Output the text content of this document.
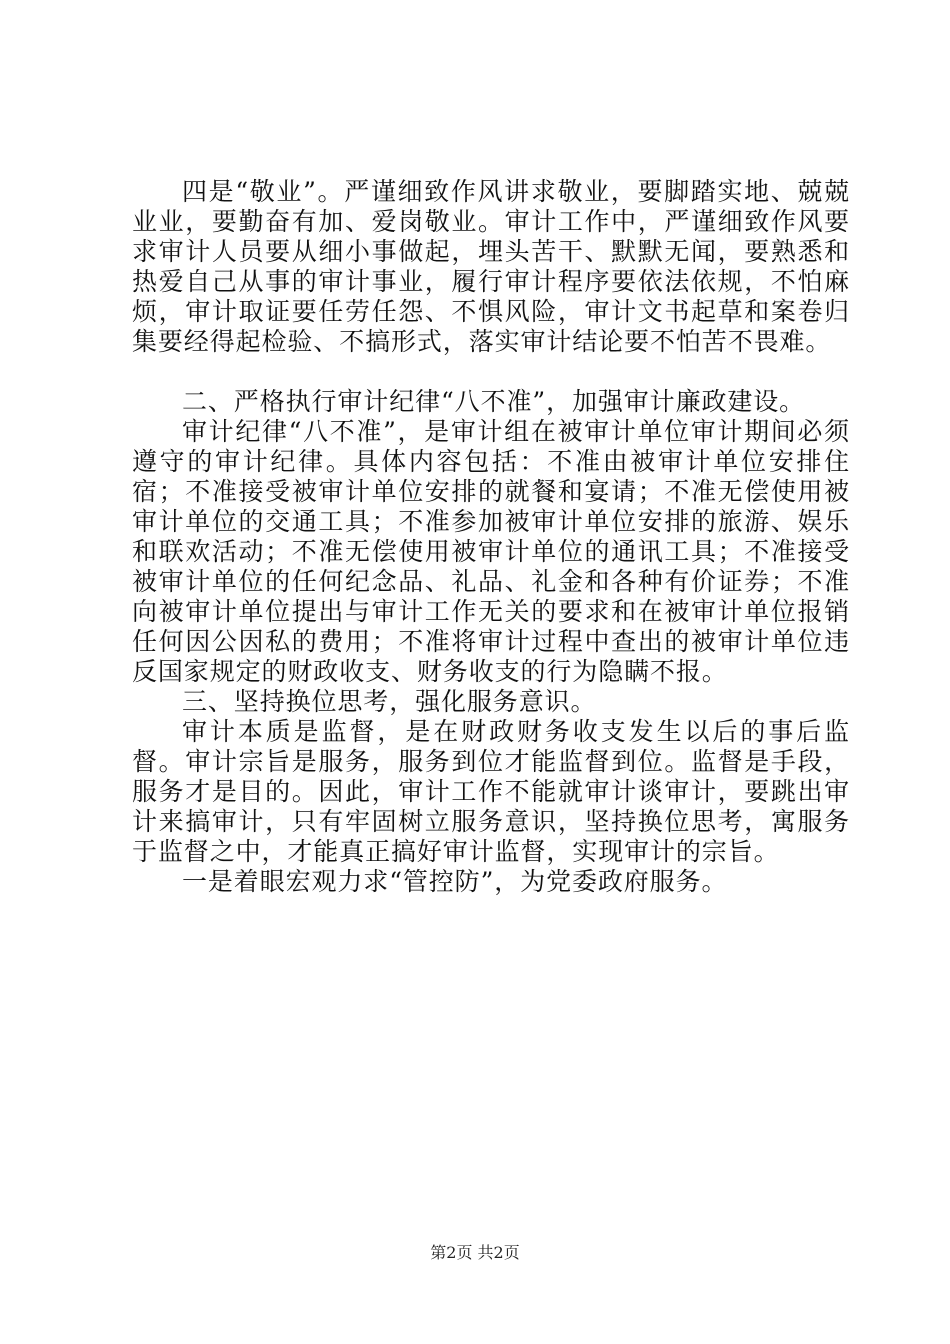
四是“敬业”。严谨细致作风讲求敬业，要脚踏实地、兢兢业业，要勤奋有加、爱岗敬业。审计工作中，严谨细致作风要求审计人员要从细小事做起，埋头苦干、默默无闻，要熟悉和热爱自己从事的审计事业，履行审计程序要依法依规，不怕麻烦，审计取证要任劳任怨、不惧风险，审计文书起草和案卷归集要经得起检验、不搞形式，落实审计结论要不怕苦不畏难。

二、严格执行审计纪律“八不准”，加强审计廉政建设。

审计纪律“八不准”，是审计组在被审计单位审计期间必须遵守的审计纪律。具体内容包括：不准由被审计单位安排住宿；不准接受被审计单位安排的就餐和宴请；不准无偿使用被审计单位的交通工具；不准参加被审计单位安排的旅游、娱乐和联欢活动；不准无偿使用被审计单位的通讯工具；不准接受被审计单位的任何纪念品、礼品、礼金和各种有价证券；不准向被审计单位提出与审计工作无关的要求和在被审计单位报销任何因公因私的费用；不准将审计过程中查出的被审计单位违反国家规定的财政收支、财务收支的行为隐瞒不报。

三、坚持换位思考，强化服务意识。

审计本质是监督，是在财政财务收支发生以后的事后监督。审计宗旨是服务，服务到位才能监督到位。监督是手段，服务才是目的。因此，审计工作不能就审计谈审计，要跳出审计来搞审计，只有牢固树立服务意识，坚持换位思考，寓服务于监督之中，才能真正搞好审计监督，实现审计的宗旨。

一是着眼宏观力求“管控防”，为党委政府服务。

第2页 共2页
